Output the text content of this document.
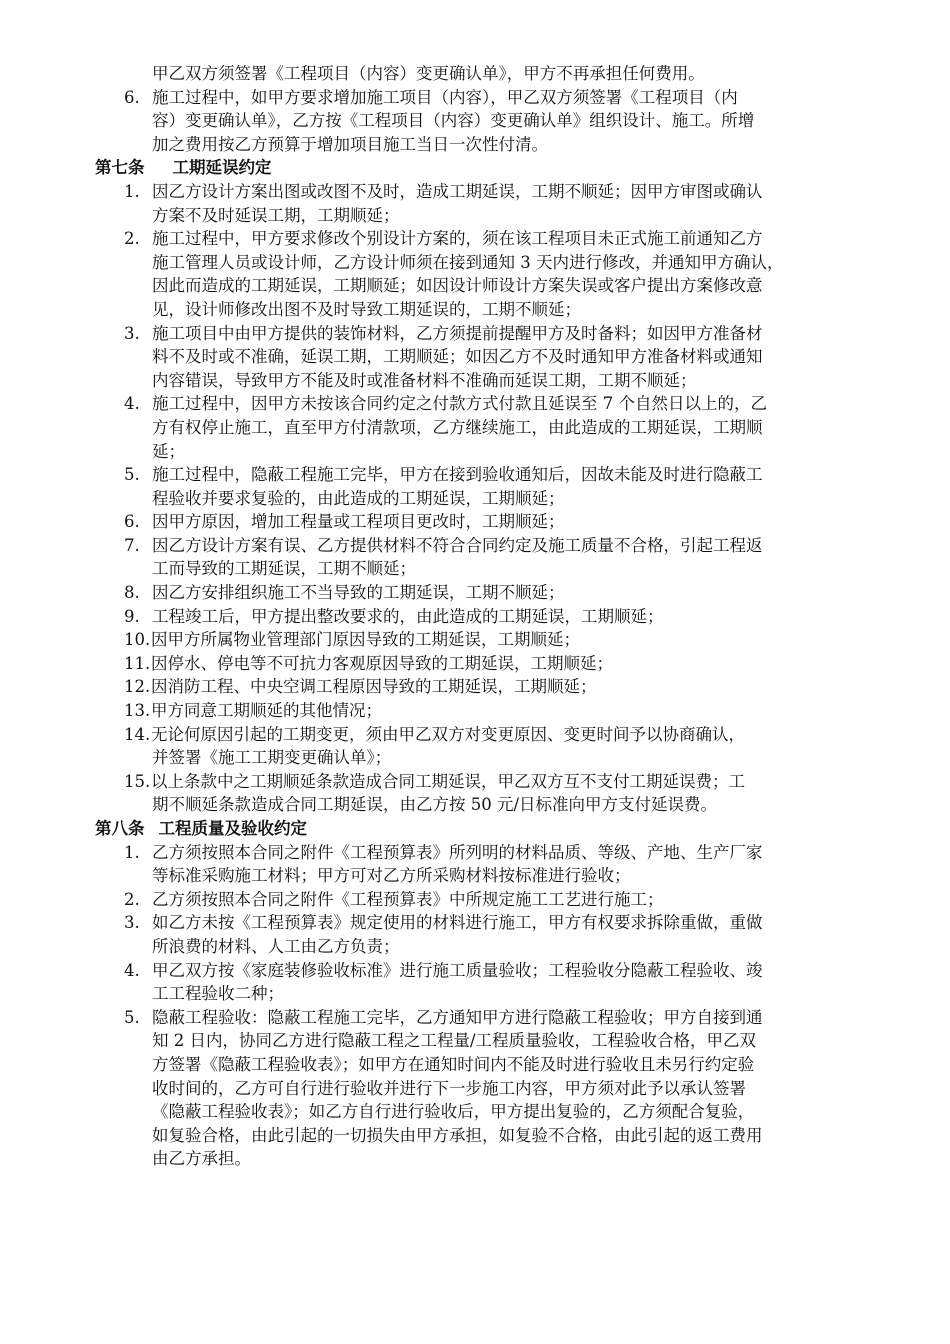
甲乙双方须签署《工程项目（内容）变更确认单》，甲方不再承担任何费用。
6. 施工过程中，如甲方要求增加施工项目（内容），甲乙双方须签署《工程项目（内
容）变更确认单》，乙方按《工程项目（内容）变更确认单》组织设计、施工。所增
加之费用按乙方预算于增加项目施工当日一次性付清。
第七条 工期延误约定
1. 因乙方设计方案出图或改图不及时，造成工期延误，工期不顺延；因甲方审图或确认
方案不及时延误工期，工期顺延；
2. 施工过程中，甲方要求修改个别设计方案的，须在该工程项目未正式施工前通知乙方
施工管理人员或设计师，乙方设计师须在接到通知 3 天内进行修改，并通知甲方确认，
因此而造成的工期延误，工期顺延；如因设计师设计方案失误或客户提出方案修改意
见，设计师修改出图不及时导致工期延误的，工期不顺延；
3. 施工项目中由甲方提供的装饰材料，乙方须提前提醒甲方及时备料；如因甲方准备材
料不及时或不准确，延误工期，工期顺延；如因乙方不及时通知甲方准备材料或通知
内容错误，导致甲方不能及时或准备材料不准确而延误工期，工期不顺延；
4. 施工过程中，因甲方未按该合同约定之付款方式付款且延误至 7 个自然日以上的，乙
方有权停止施工，直至甲方付清款项，乙方继续施工，由此造成的工期延误，工期顺
延；
5. 施工过程中，隐蔽工程施工完毕，甲方在接到验收通知后，因故未能及时进行隐蔽工
程验收并要求复验的，由此造成的工期延误，工期顺延；
6. 因甲方原因，增加工程量或工程项目更改时，工期顺延；
7. 因乙方设计方案有误、乙方提供材料不符合合同约定及施工质量不合格，引起工程返
工而导致的工期延误，工期不顺延；
8. 因乙方安排组织施工不当导致的工期延误，工期不顺延；
9. 工程竣工后，甲方提出整改要求的，由此造成的工期延误，工期顺延；
10.因甲方所属物业管理部门原因导致的工期延误，工期顺延；
11.因停水、停电等不可抗力客观原因导致的工期延误，工期顺延；
12.因消防工程、中央空调工程原因导致的工期延误，工期顺延；
13.甲方同意工期顺延的其他情况；
14.无论何原因引起的工期变更，须由甲乙双方对变更原因、变更时间予以协商确认，
并签署《施工工期变更确认单》；
15.以上条款中之工期顺延条款造成合同工期延误，甲乙双方互不支付工期延误费；工
期不顺延条款造成合同工期延误，由乙方按 50 元/日标准向甲方支付延误费。
第八条 工程质量及验收约定
1. 乙方须按照本合同之附件《工程预算表》所列明的材料品质、等级、产地、生产厂家
等标准采购施工材料；甲方可对乙方所采购材料按标准进行验收；
2. 乙方须按照本合同之附件《工程预算表》中所规定施工工艺进行施工；
3. 如乙方未按《工程预算表》规定使用的材料进行施工，甲方有权要求拆除重做，重做
所浪费的材料、人工由乙方负责；
4. 甲乙双方按《家庭装修验收标准》进行施工质量验收；工程验收分隐蔽工程验收、竣
工工程验收二种；
5. 隐蔽工程验收：隐蔽工程施工完毕，乙方通知甲方进行隐蔽工程验收；甲方自接到通
知 2 日内，协同乙方进行隐蔽工程之工程量/工程质量验收，工程验收合格，甲乙双
方签署《隐蔽工程验收表》；如甲方在通知时间内不能及时进行验收且未另行约定验
收时间的，乙方可自行进行验收并进行下一步施工内容，甲方须对此予以承认签署
《隐蔽工程验收表》；如乙方自行进行验收后，甲方提出复验的，乙方须配合复验，
如复验合格，由此引起的一切损失由甲方承担，如复验不合格，由此引起的返工费用
由乙方承担。
